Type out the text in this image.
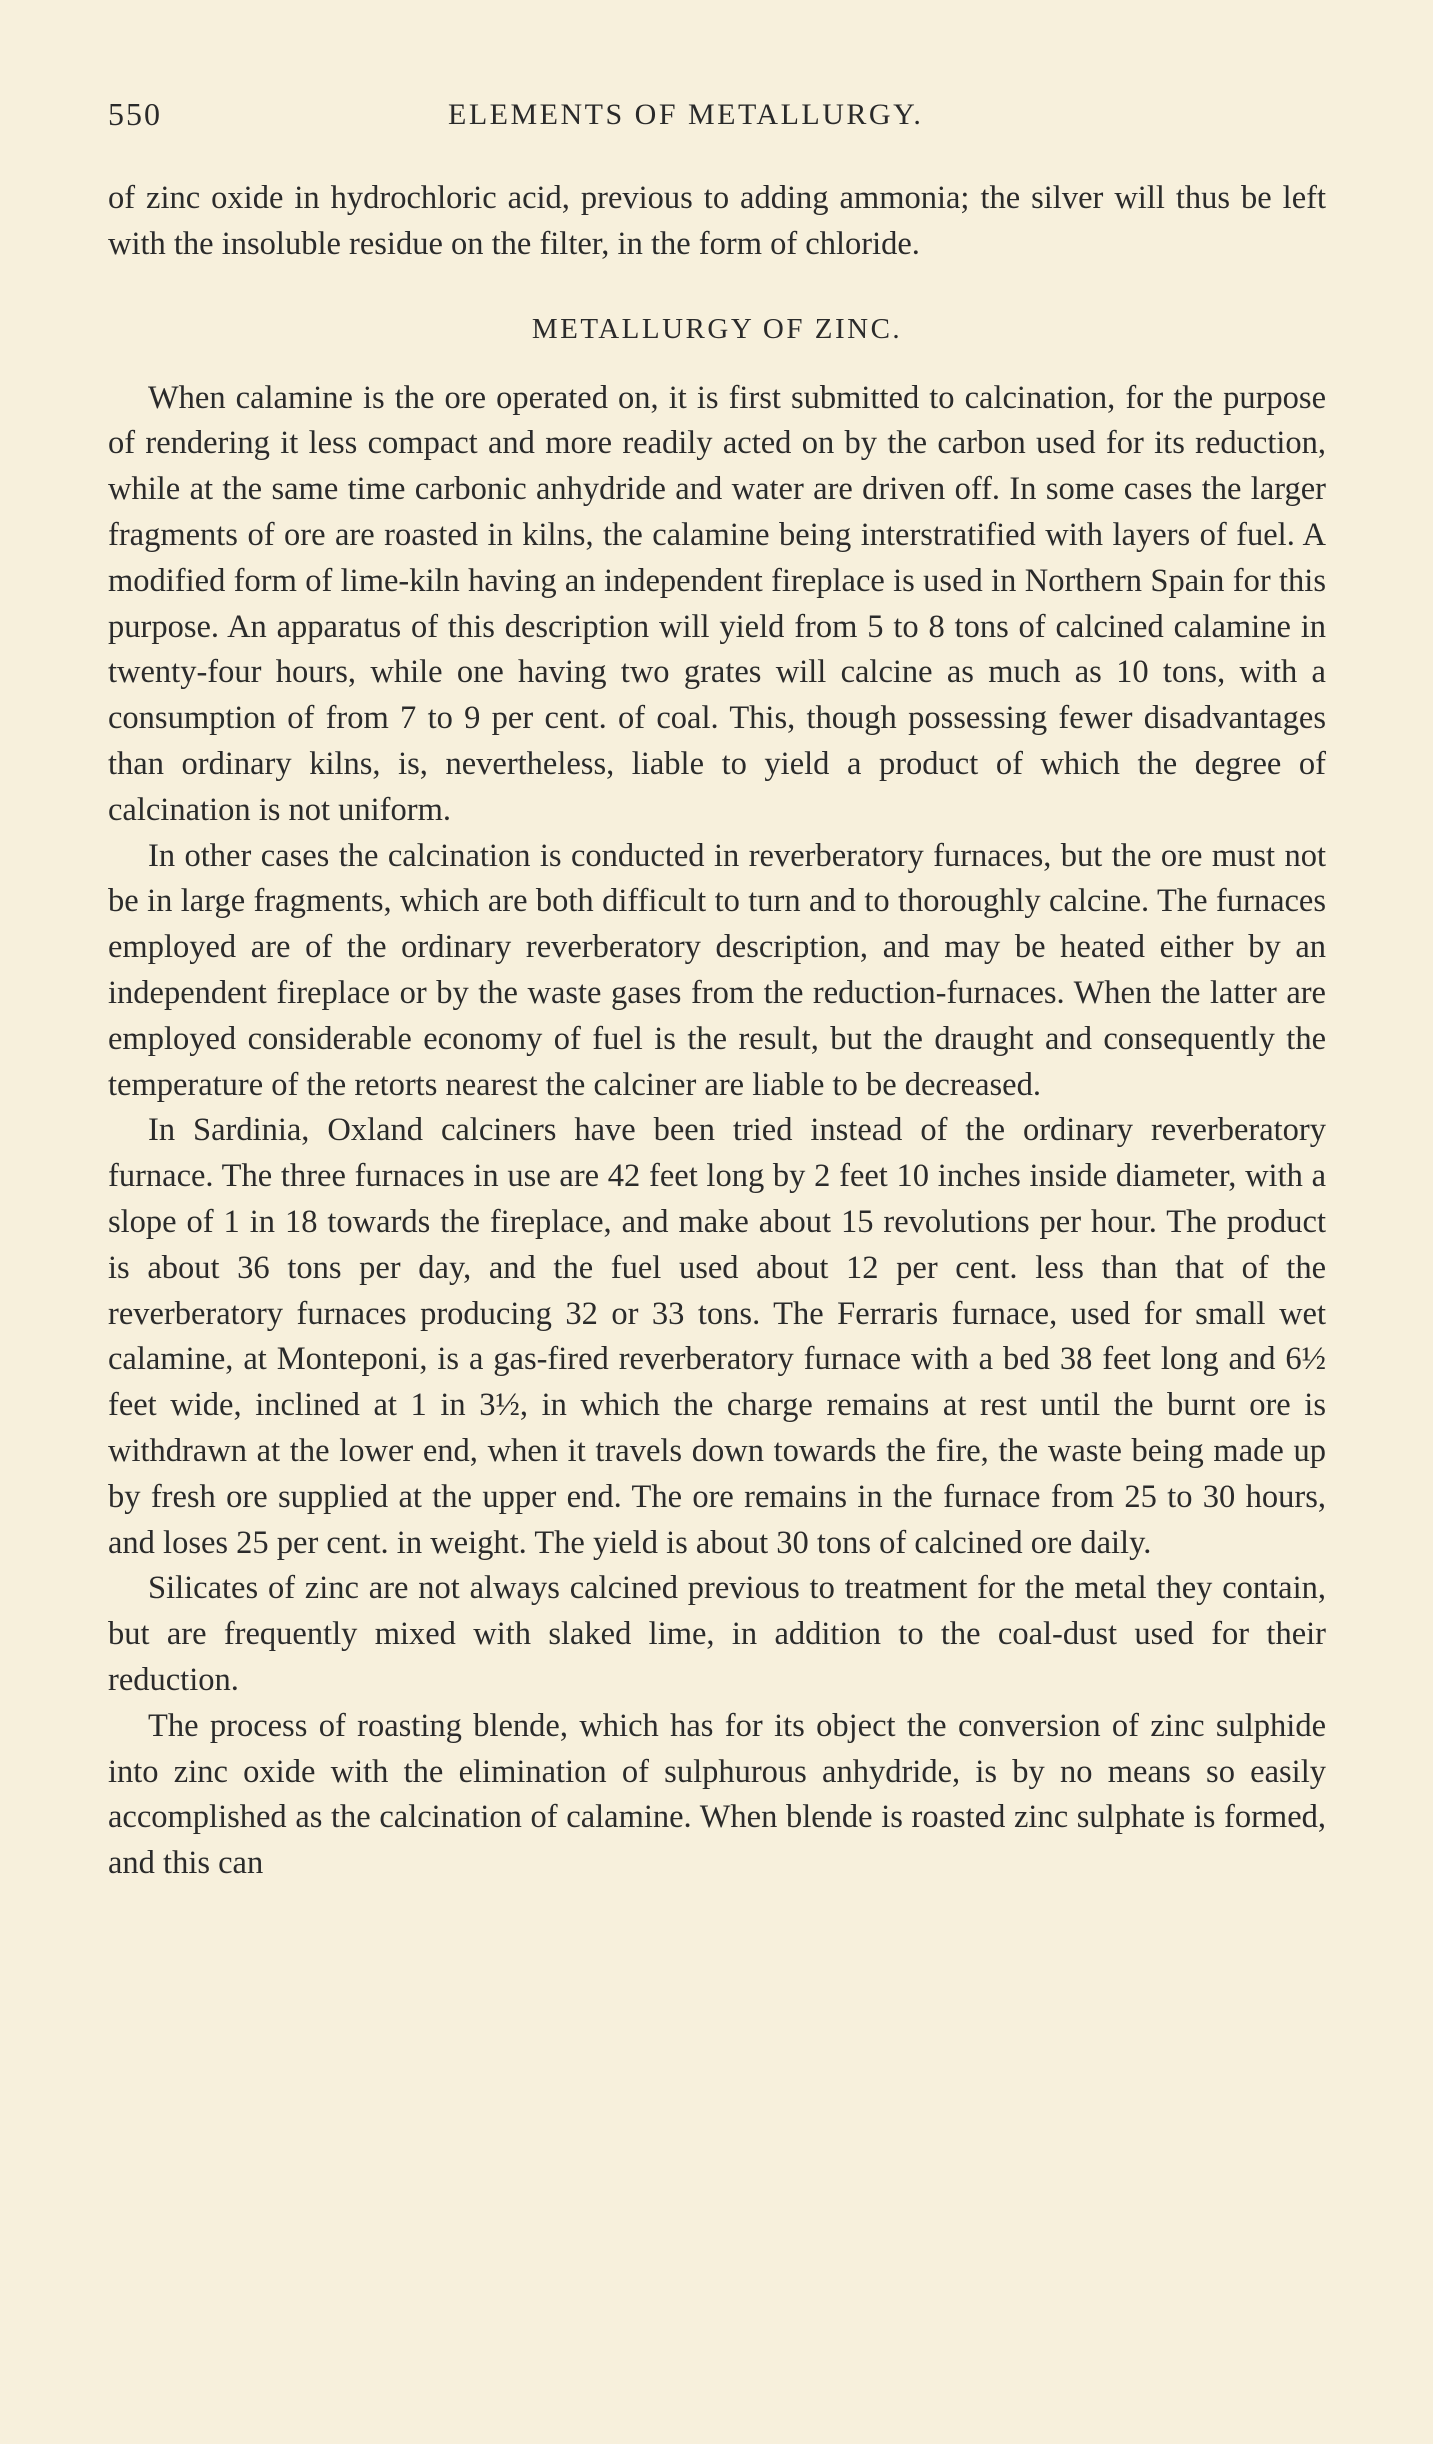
550	ELEMENTS OF METALLURGY.

of zinc oxide in hydrochloric acid, previous to adding ammonia; the silver will thus be left with the insoluble residue on the filter, in the form of chloride.

METALLURGY OF ZINC.

When calamine is the ore operated on, it is first submitted to calcination, for the purpose of rendering it less compact and more readily acted on by the carbon used for its reduction, while at the same time carbonic anhydride and water are driven off. In some cases the larger fragments of ore are roasted in kilns, the calamine being interstratified with layers of fuel. A modified form of lime-kiln having an independent fireplace is used in Northern Spain for this purpose. An apparatus of this description will yield from 5 to 8 tons of calcined calamine in twenty-four hours, while one having two grates will calcine as much as 10 tons, with a consumption of from 7 to 9 per cent. of coal. This, though possessing fewer disadvantages than ordinary kilns, is, nevertheless, liable to yield a product of which the degree of calcination is not uniform.

In other cases the calcination is conducted in reverberatory furnaces, but the ore must not be in large fragments, which are both difficult to turn and to thoroughly calcine. The furnaces employed are of the ordinary reverberatory description, and may be heated either by an independent fireplace or by the waste gases from the reduction-furnaces. When the latter are employed considerable economy of fuel is the result, but the draught and consequently the temperature of the retorts nearest the calciner are liable to be decreased.

In Sardinia, Oxland calciners have been tried instead of the ordinary reverberatory furnace. The three furnaces in use are 42 feet long by 2 feet 10 inches inside diameter, with a slope of 1 in 18 towards the fireplace, and make about 15 revolutions per hour. The product is about 36 tons per day, and the fuel used about 12 per cent. less than that of the reverberatory furnaces producing 32 or 33 tons. The Ferraris furnace, used for small wet calamine, at Monteponi, is a gas-fired reverberatory furnace with a bed 38 feet long and 6½ feet wide, inclined at 1 in 3½, in which the charge remains at rest until the burnt ore is withdrawn at the lower end, when it travels down towards the fire, the waste being made up by fresh ore supplied at the upper end. The ore remains in the furnace from 25 to 30 hours, and loses 25 per cent. in weight. The yield is about 30 tons of calcined ore daily.

Silicates of zinc are not always calcined previous to treatment for the metal they contain, but are frequently mixed with slaked lime, in addition to the coal-dust used for their reduction.

The process of roasting blende, which has for its object the conversion of zinc sulphide into zinc oxide with the elimination of sulphurous anhydride, is by no means so easily accomplished as the calcination of calamine. When blende is roasted zinc sulphate is formed, and this can
